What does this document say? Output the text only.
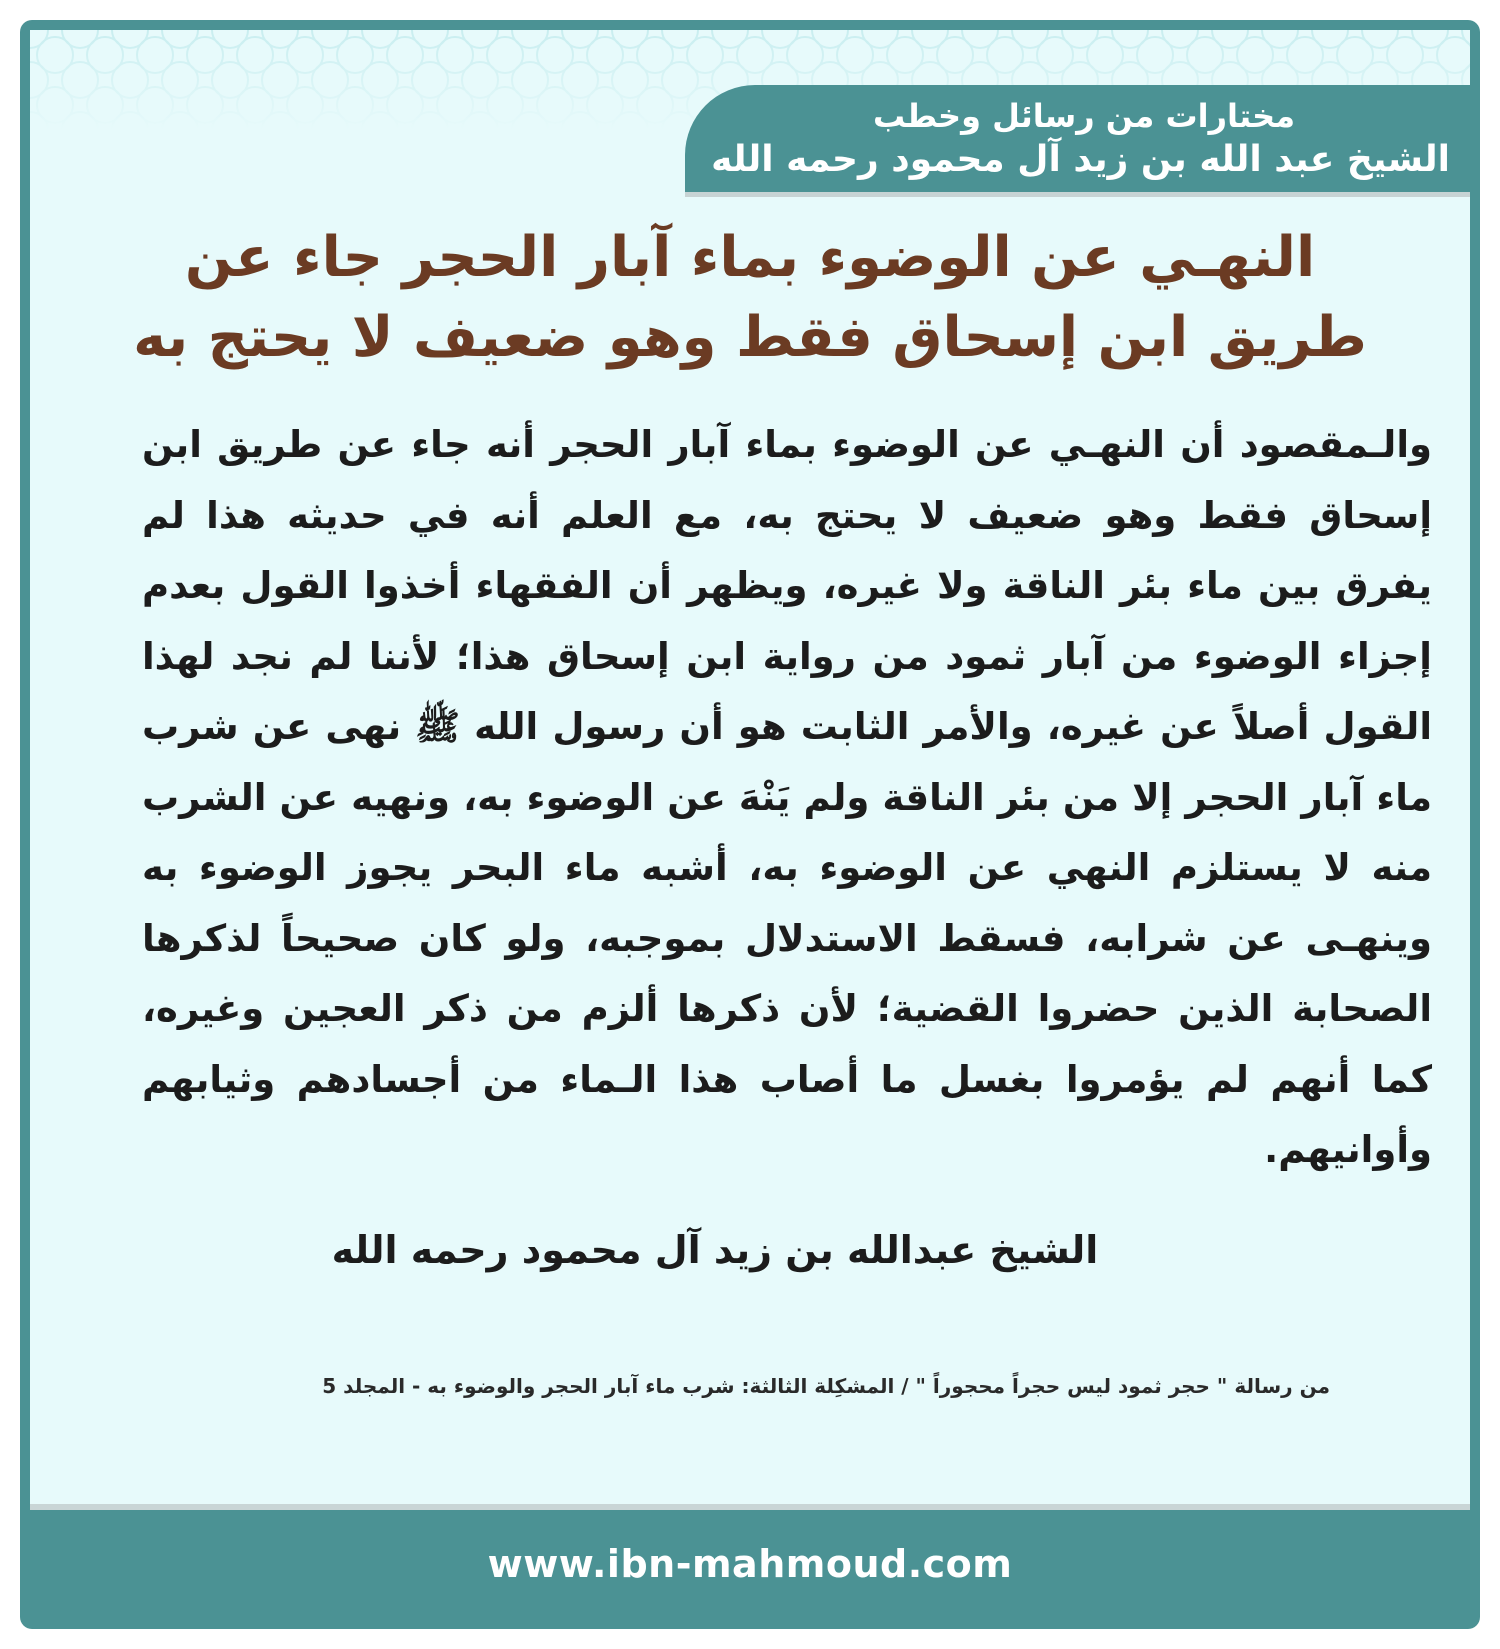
مختارات من رسائل وخطب
الشيخ عبد الله بن زيد آل محمود رحمه الله
النهـي عن الوضوء بماء آبار الحجر جاء عن
طريق ابن إسحاق فقط وهو ضعيف لا يحتج به

والـمقصود أن النهـي عن الوضوء بماء آبار الحجر أنه جاء عن طريق ابن إسحاق فقط وهو ضعيف لا يحتج به، مع العلم أنه في حديثه هذا لم يفرق بين ماء بئر الناقة ولا غيره، ويظهر أن الفقهاء أخذوا القول بعدم إجزاء الوضوء من آبار ثمود من رواية ابن إسحاق هذا؛ لأننا لم نجد لهذا القول أصلاً عن غيره، والأمر الثابت هو أن رسول الله ﷺ نهى عن شرب ماء آبار الحجر إلا من بئر الناقة ولم يَنْهَ عن الوضوء به، ونهيه عن الشرب منه لا يستلزم النهي عن الوضوء به، أشبه ماء البحر يجوز الوضوء به وينهـى عن شرابه، فسقط الاستدلال بموجبه، ولو كان صحيحاً لذكرها الصحابة الذين حضروا القضية؛ لأن ذكرها ألزم من ذكر العجين وغيره، كما أنهم لم يؤمروا بغسل ما أصاب هذا الـماء من أجسادهم وثيابهم وأوانيهم.

الشيخ عبدالله بن زيد آل محمود رحمه الله

من رسالة " حجر ثمود ليس حجراً محجوراً " / المشكِلة الثالثة: شرب ماء آبار الحجر والوضوء به - المجلد 5

www.ibn-mahmoud.com
